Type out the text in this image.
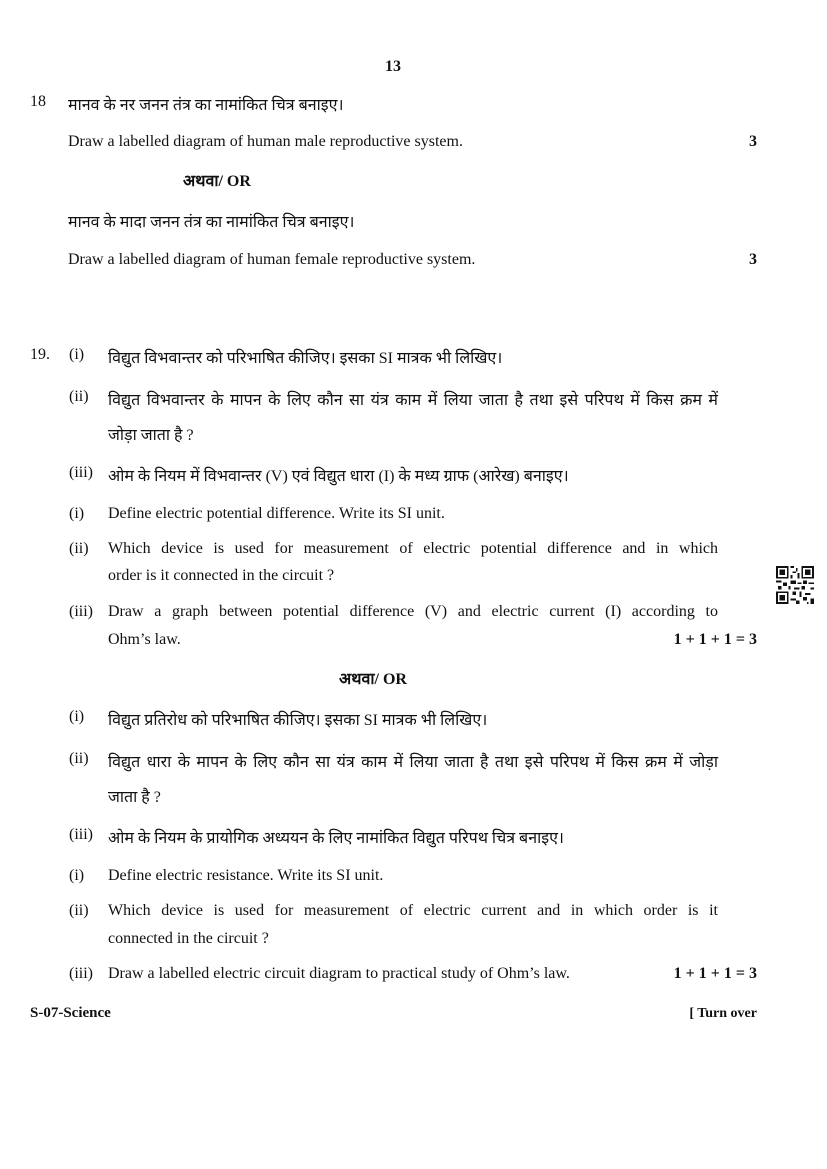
13
18 मानव के नर जनन तंत्र का नामांकित चित्र बनाइए।
Draw a labelled diagram of human male reproductive system.	3
अथवा/ OR
मानव के मादा जनन तंत्र का नामांकित चित्र बनाइए।
Draw a labelled diagram of human female reproductive system.	3
19. (i) विद्युत विभवान्तर को परिभाषित कीजिए। इसका SI मात्रक भी लिखिए।
(ii) विद्युत विभवान्तर के मापन के लिए कौन सा यंत्र काम में लिया जाता है तथा इसे परिपथ में किस क्रम में
जोड़ा जाता है ?
(iii) ओम के नियम में विभवान्तर (V) एवं विद्युत धारा (I) के मध्य ग्राफ (आरेख) बनाइए।
(i) Define electric potential difference. Write its SI unit.
(ii) Which device is used for measurement of electric potential difference and in which
order is it connected in the circuit ?
(iii) Draw a graph between potential difference (V) and electric current (I) according to
Ohm’s law.	1 + 1 + 1 = 3
अथवा/ OR
(i) विद्युत प्रतिरोध को परिभाषित कीजिए। इसका SI मात्रक भी लिखिए।
(ii) विद्युत धारा के मापन के लिए कौन सा यंत्र काम में लिया जाता है तथा इसे परिपथ में किस क्रम में जोड़ा
जाता है ?
(iii) ओम के नियम के प्रायोगिक अध्ययन के लिए नामांकित विद्युत परिपथ चित्र बनाइए।
(i) Define electric resistance. Write its SI unit.
(ii) Which device is used for measurement of electric current and in which order is it
connected in the circuit ?
(iii) Draw a labelled electric circuit diagram to practical study of Ohm’s law.	1 + 1 + 1 = 3
S-07-Science	[ Turn over
